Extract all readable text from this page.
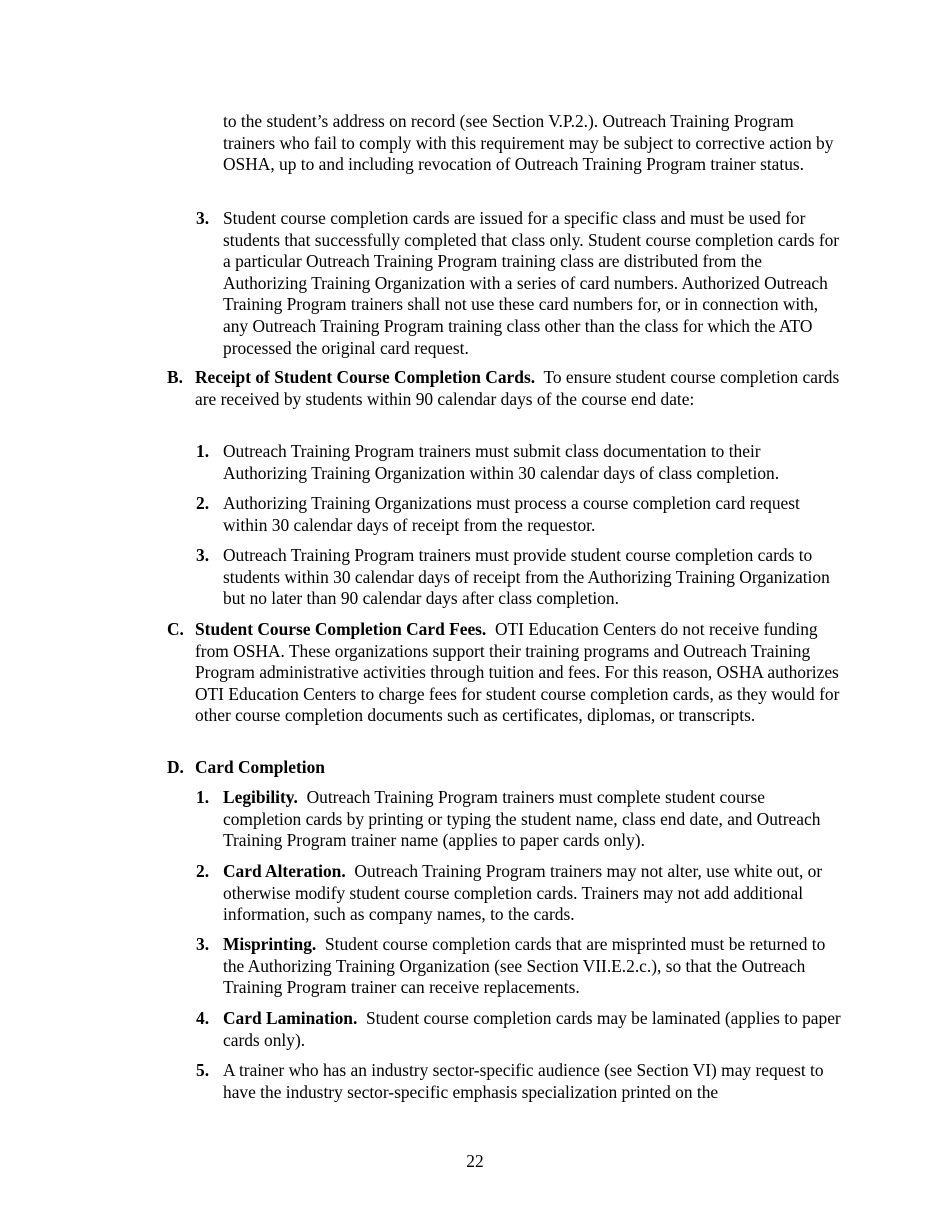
to the student’s address on record (see Section V.P.2.). Outreach Training Program trainers who fail to comply with this requirement may be subject to corrective action by OSHA, up to and including revocation of Outreach Training Program trainer status.
3. Student course completion cards are issued for a specific class and must be used for students that successfully completed that class only. Student course completion cards for a particular Outreach Training Program training class are distributed from the Authorizing Training Organization with a series of card numbers. Authorized Outreach Training Program trainers shall not use these card numbers for, or in connection with, any Outreach Training Program training class other than the class for which the ATO processed the original card request.
B. Receipt of Student Course Completion Cards. To ensure student course completion cards are received by students within 90 calendar days of the course end date:
1. Outreach Training Program trainers must submit class documentation to their Authorizing Training Organization within 30 calendar days of class completion.
2. Authorizing Training Organizations must process a course completion card request within 30 calendar days of receipt from the requestor.
3. Outreach Training Program trainers must provide student course completion cards to students within 30 calendar days of receipt from the Authorizing Training Organization but no later than 90 calendar days after class completion.
C. Student Course Completion Card Fees. OTI Education Centers do not receive funding from OSHA. These organizations support their training programs and Outreach Training Program administrative activities through tuition and fees. For this reason, OSHA authorizes OTI Education Centers to charge fees for student course completion cards, as they would for other course completion documents such as certificates, diplomas, or transcripts.
D. Card Completion
1. Legibility. Outreach Training Program trainers must complete student course completion cards by printing or typing the student name, class end date, and Outreach Training Program trainer name (applies to paper cards only).
2. Card Alteration. Outreach Training Program trainers may not alter, use white out, or otherwise modify student course completion cards. Trainers may not add additional information, such as company names, to the cards.
3. Misprinting. Student course completion cards that are misprinted must be returned to the Authorizing Training Organization (see Section VII.E.2.c.), so that the Outreach Training Program trainer can receive replacements.
4. Card Lamination. Student course completion cards may be laminated (applies to paper cards only).
5. A trainer who has an industry sector-specific audience (see Section VI) may request to have the industry sector-specific emphasis specialization printed on the
22
